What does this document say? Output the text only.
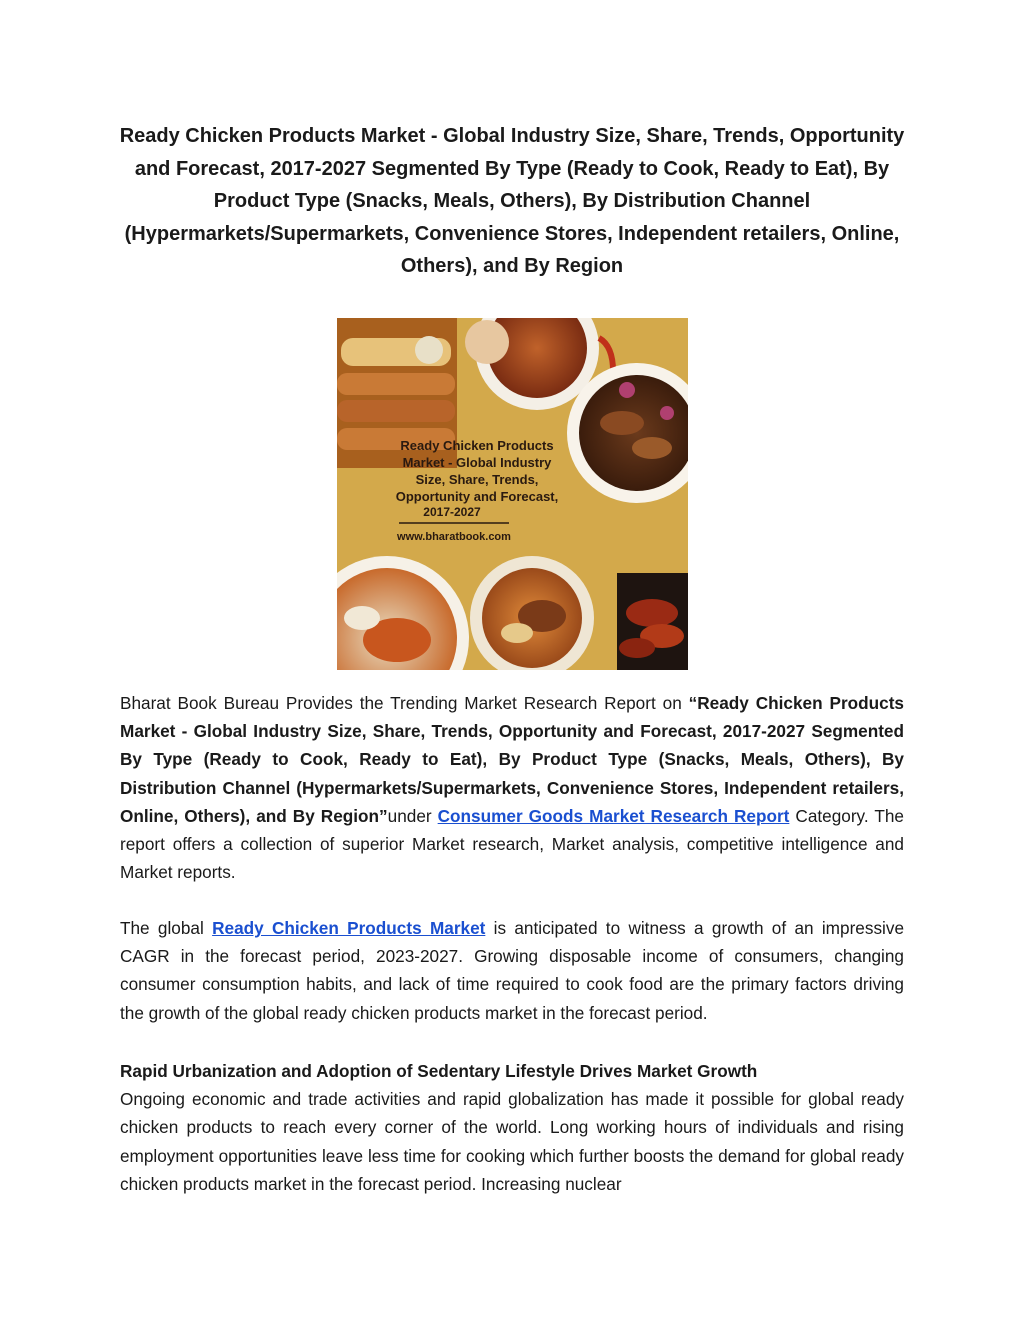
Ready Chicken Products Market - Global Industry Size, Share, Trends, Opportunity and Forecast, 2017-2027 Segmented By Type (Ready to Cook, Ready to Eat), By Product Type (Snacks, Meals, Others), By Distribution Channel (Hypermarkets/Supermarkets, Convenience Stores, Independent retailers, Online, Others), and By Region
Ready Chicken Products
Market - Global Industry
Size, Share, Trends,
Opportunity and Forecast,
2017-2027
www.bharatbook.com
Bharat Book Bureau Provides the Trending Market Research Report on “Ready Chicken Products Market - Global Industry Size, Share, Trends, Opportunity and Forecast, 2017-2027 Segmented By Type (Ready to Cook, Ready to Eat), By Product Type (Snacks, Meals, Others), By Distribution Channel (Hypermarkets/Supermarkets, Convenience Stores, Independent retailers, Online, Others), and By Region”under Consumer Goods Market Research Report Category. The report offers a collection of superior Market research, Market analysis, competitive intelligence and Market reports.
The global Ready Chicken Products Market is anticipated to witness a growth of an impressive CAGR in the forecast period, 2023-2027. Growing disposable income of consumers, changing consumer consumption habits, and lack of time required to cook food are the primary factors driving the growth of the global ready chicken products market in the forecast period.
Rapid Urbanization and Adoption of Sedentary Lifestyle Drives Market Growth
Ongoing economic and trade activities and rapid globalization has made it possible for global ready chicken products to reach every corner of the world. Long working hours of individuals and rising employment opportunities leave less time for cooking which further boosts the demand for global ready chicken products market in the forecast period. Increasing nuclear
